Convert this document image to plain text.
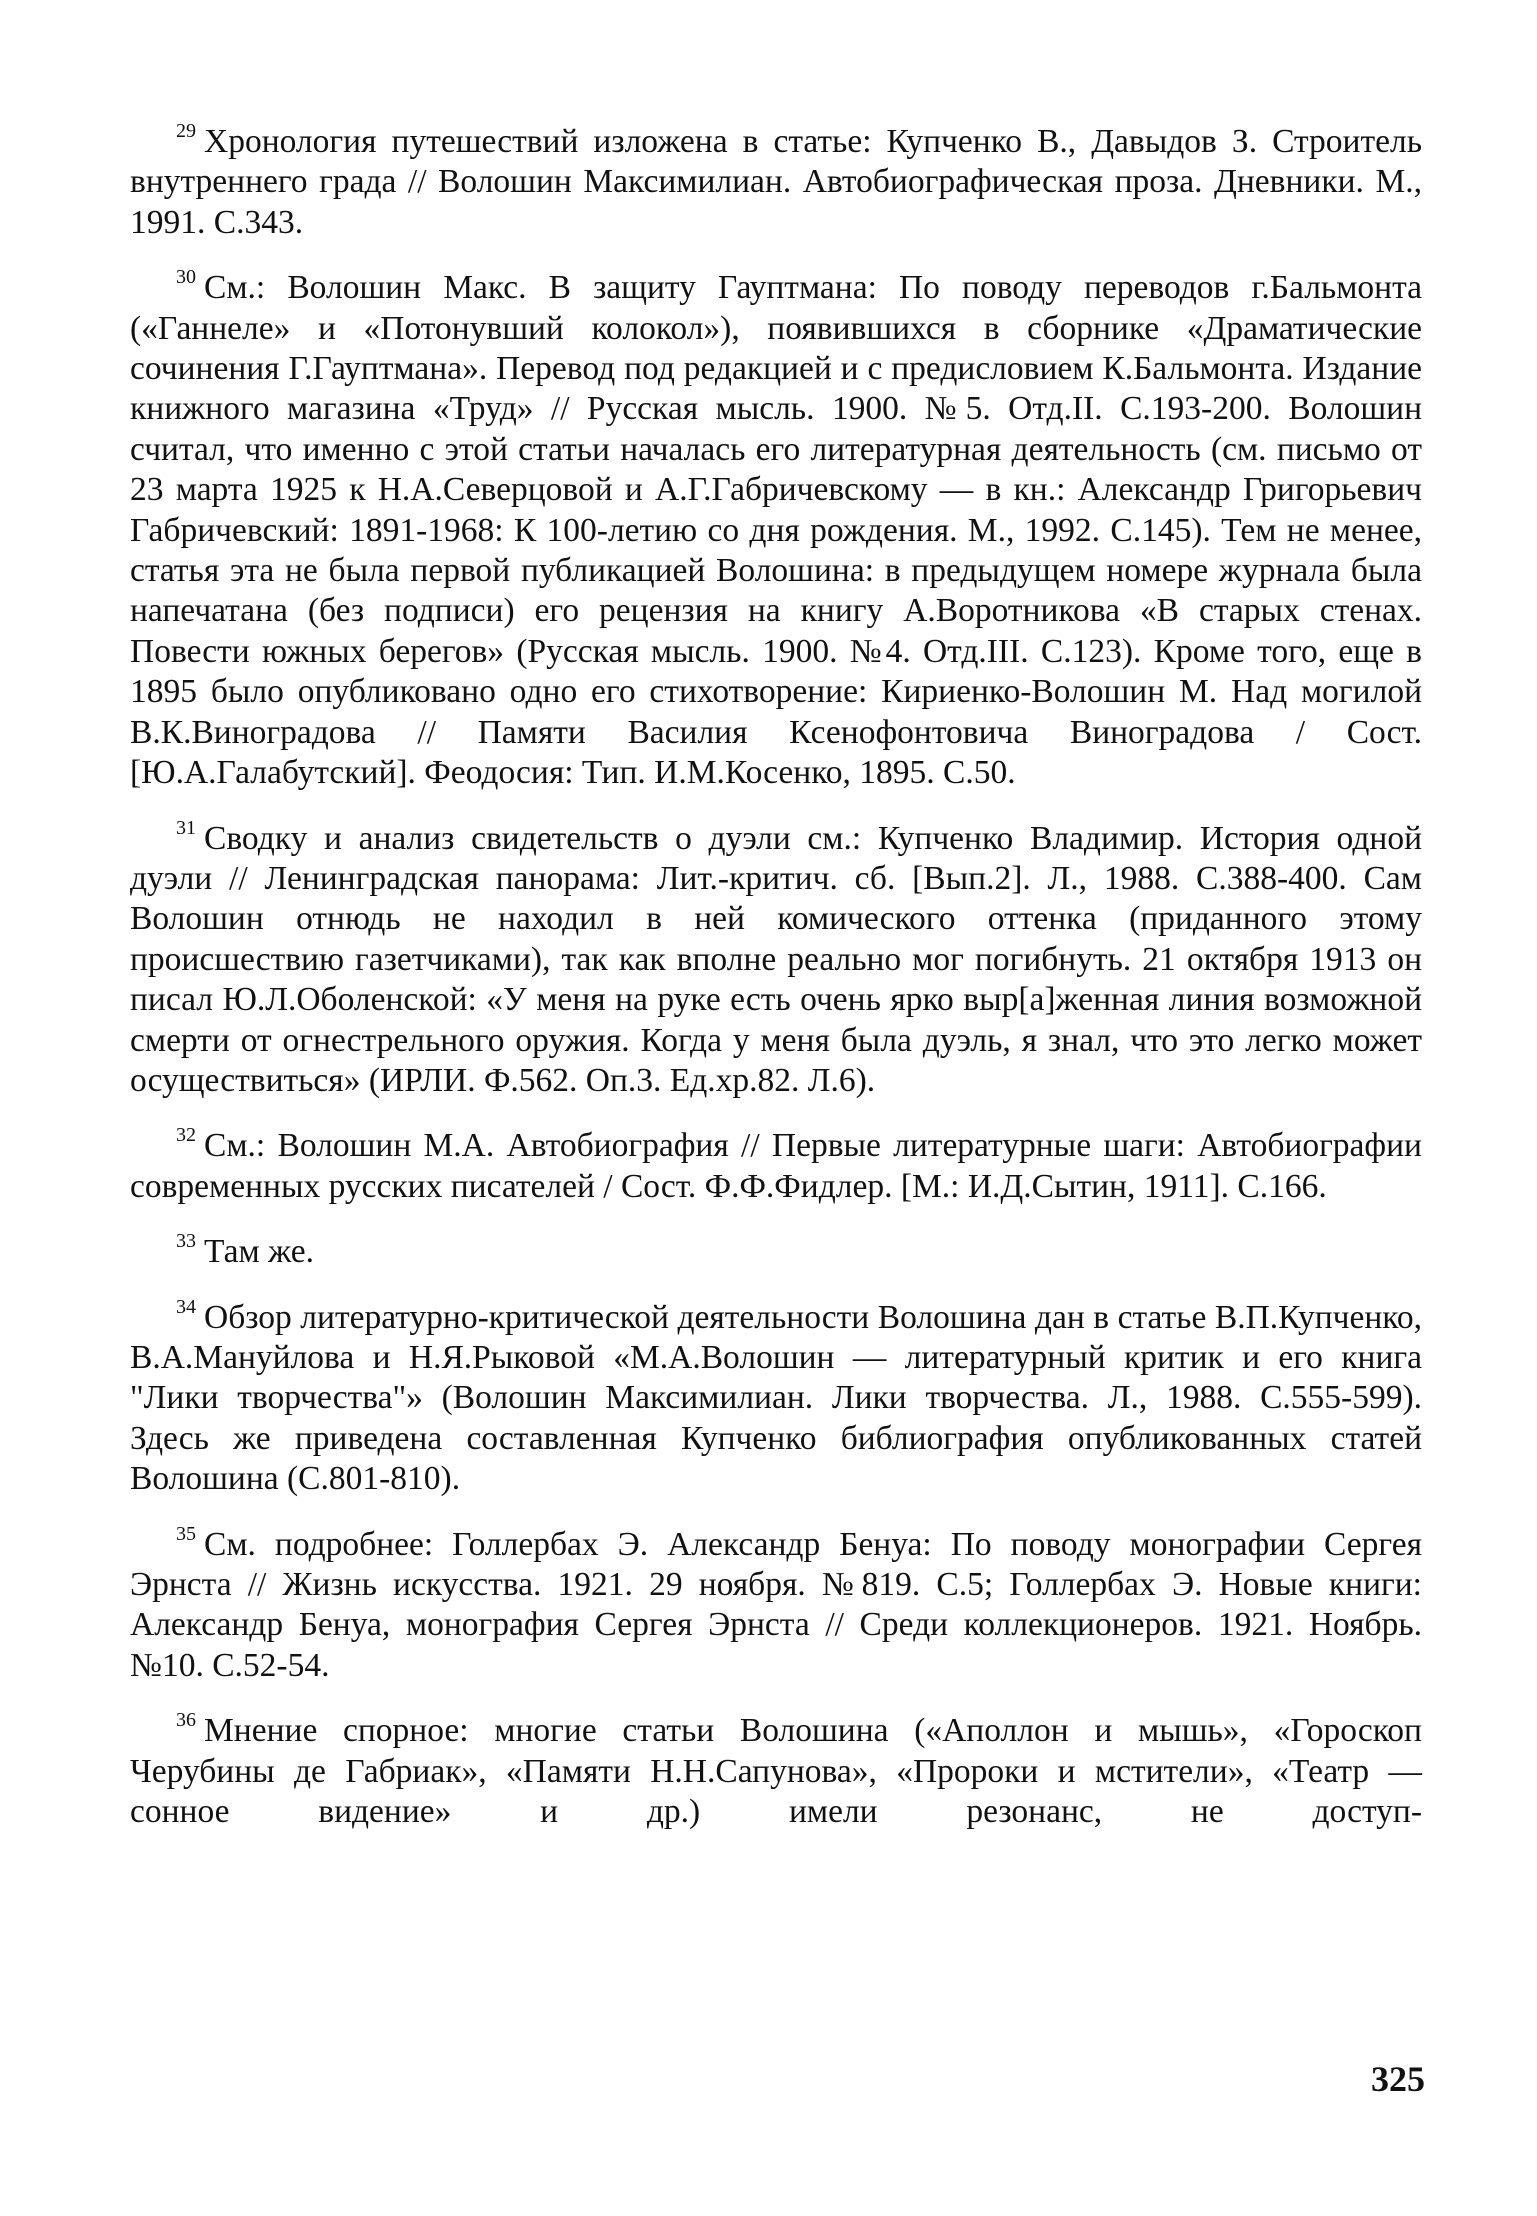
$^{29}$ Хронология путешествий изложена в статье: Купченко В., Давыдов З. Строитель внутреннего града // Волошин Максимилиан. Автобиографическая проза. Дневники. М., 1991. С.343.

$^{30}$ См.: Волошин Макс. В защиту Гауптмана: По поводу переводов г.Бальмонта («Ганнеле» и «Потонувший колокол»), появившихся в сборнике «Драматические сочинения Г.Гауптмана». Перевод под редакцией и с предисловием К.Бальмонта. Издание книжного магазина «Труд» // Русская мысль. 1900. №5. Отд.II. С.193-200. Волошин считал, что именно с этой статьи началась его литературная деятельность (см. письмо от 23 марта 1925 к Н.А.Северцовой и А.Г.Габричевскому — в кн.: Александр Григорьевич Габричевский: 1891-1968: К 100-летию со дня рождения. М., 1992. С.145). Тем не менее, статья эта не была первой публикацией Волошина: в предыдущем номере журнала была напечатана (без подписи) его рецензия на книгу А.Воротникова «В старых стенах. Повести южных берегов» (Русская мысль. 1900. №4. Отд.III. С.123). Кроме того, еще в 1895 было опубликовано одно его стихотворение: Кириенко-Волошин М. Над могилой В.К.Виноградова // Памяти Василия Ксенофонтовича Виноградова / Сост. [Ю.А.Галабутский]. Феодосия: Тип. И.М.Косенко, 1895. С.50.

$^{31}$ Сводку и анализ свидетельств о дуэли см.: Купченко Владимир. История одной дуэли // Ленинградская панорама: Лит.-критич. сб. [Вып.2]. Л., 1988. С.388-400. Сам Волошин отнюдь не находил в ней комического оттенка (приданного этому происшествию газетчиками), так как вполне реально мог погибнуть. 21 октября 1913 он писал Ю.Л.Оболенской: «У меня на руке есть очень ярко выр[а]женная линия возможной смерти от огнестрельного оружия. Когда у меня была дуэль, я знал, что это легко может осуществиться» (ИРЛИ. Ф.562. Оп.3. Ед.хр.82. Л.6).

$^{32}$ См.: Волошин М.А. Автобиография // Первые литературные шаги: Автобиографии современных русских писателей / Сост. Ф.Ф.Фидлер. [М.: И.Д.Сытин, 1911]. С.166.

$^{33}$ Там же.

$^{34}$ Обзор литературно-критической деятельности Волошина дан в статье В.П.Купченко, В.А.Мануйлова и Н.Я.Рыковой «М.А.Волошин — литературный критик и его книга "Лики творчества"» (Волошин Максимилиан. Лики творчества. Л., 1988. С.555-599). Здесь же приведена составленная Купченко библиография опубликованных статей Волошина (С.801-810).

$^{35}$ См. подробнее: Голлербах Э. Александр Бенуа: По поводу монографии Сергея Эрнста // Жизнь искусства. 1921. 29 ноября. №819. С.5; Голлербах Э. Новые книги: Александр Бенуа, монография Сергея Эрнста // Среди коллекционеров. 1921. Ноябрь. №10. С.52-54.

$^{36}$ Мнение спорное: многие статьи Волошина («Аполлон и мышь», «Гороскоп Черубины де Габриак», «Памяти Н.Н.Сапунова», «Пророки и мстители», «Театр — сонное видение» и др.) имели резонанс, не доступ-

325
